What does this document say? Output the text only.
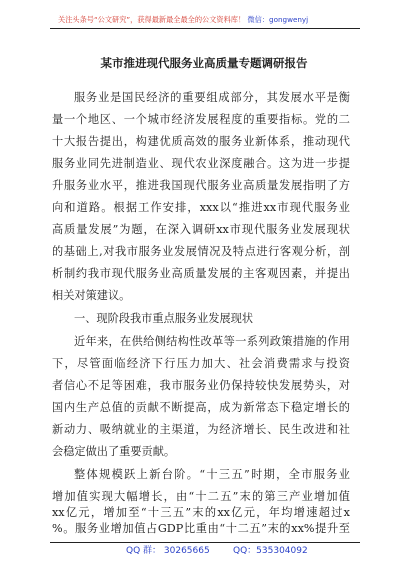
关注头条号“公文研究”，获得最新最全最全的公文资料库！ 微信：gongwenyj
某市推进现代服务业高质量专题调研报告
服务业是国民经济的重要组成部分，其发展水平是衡
量一个地区、一个城市经济发展程度的重要指标。党的二
十大报告提出，构建优质高效的服务业新体系，推动现代
服务业同先进制造业、现代农业深度融合。这为进一步提
升服务业水平，推进我国现代服务业高质量发展指明了方
向和道路。根据工作安排，xxx以“推进xx市现代服务业
高质量发展”为题，在深入调研xx市现代服务业发展现状
的基础上,对我市服务业发展情况及特点进行客观分析，剖
析制约我市现代服务业高质量发展的主客观因素，并提出
相关对策建议。
一、现阶段我市重点服务业发展现状
近年来，在供给侧结构性改革等一系列政策措施的作用
下，尽管面临经济下行压力加大、社会消费需求与投资
者信心不足等困难，我市服务业仍保持较快发展势头，对
国内生产总值的贡献不断提高，成为新常态下稳定增长的
新动力、吸纳就业的主渠道，为经济增长、民生改进和社
会稳定做出了重要贡献。
整体规模跃上新台阶。“十三五”时期，全市服务业
增加值实现大幅增长，由“十二五”末的第三产业增加值
xx亿元，增加至“十三五”末的xx亿元，年均增速超过x
%。服务业增加值占GDP比重由“十二五”末的xx%提升至
QQ 群： 30265665	QQ：535304092
